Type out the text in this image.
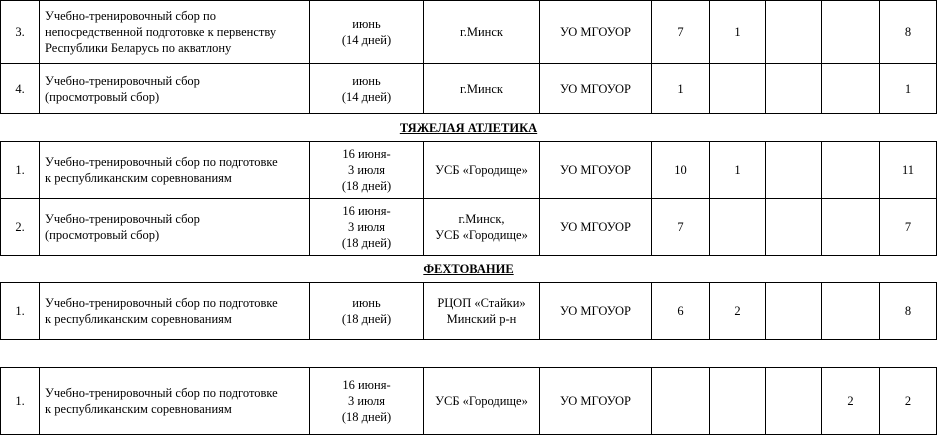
3.	Учебно-тренировочный сбор по
непосредственной подготовке к первенству
Республики Беларусь по акватлону	июнь
(14 дней)	г.Минск	УО МГОУОР	7	1			8
4.	Учебно-тренировочный сбор
(просмотровый сбор)	июнь
(14 дней)	г.Минск	УО МГОУОР	1				1
ТЯЖЕЛАЯ АТЛЕТИКА									
1.	Учебно-тренировочный сбор по подготовке
к республиканским соревнованиям	16 июня-
3 июля
(18 дней)	УСБ «Городище»	УО МГОУОР	10	1			11
2.	Учебно-тренировочный сбор
(просмотровый сбор)	16 июня-
3 июля
(18 дней)	г.Минск,
УСБ «Городище»	УО МГОУОР	7				7
ФЕХТОВАНИЕ									
1.	Учебно-тренировочный сбор по подготовке
к республиканским соревнованиям	июнь
(18 дней)	РЦОП «Стайки»
Минский р-н	УО МГОУОР	6	2			8

1.	Учебно-тренировочный сбор по подготовке
к республиканским соревнованиям	16 июня-
3 июля
(18 дней)	УСБ «Городище»	УО МГОУОР				2	2
